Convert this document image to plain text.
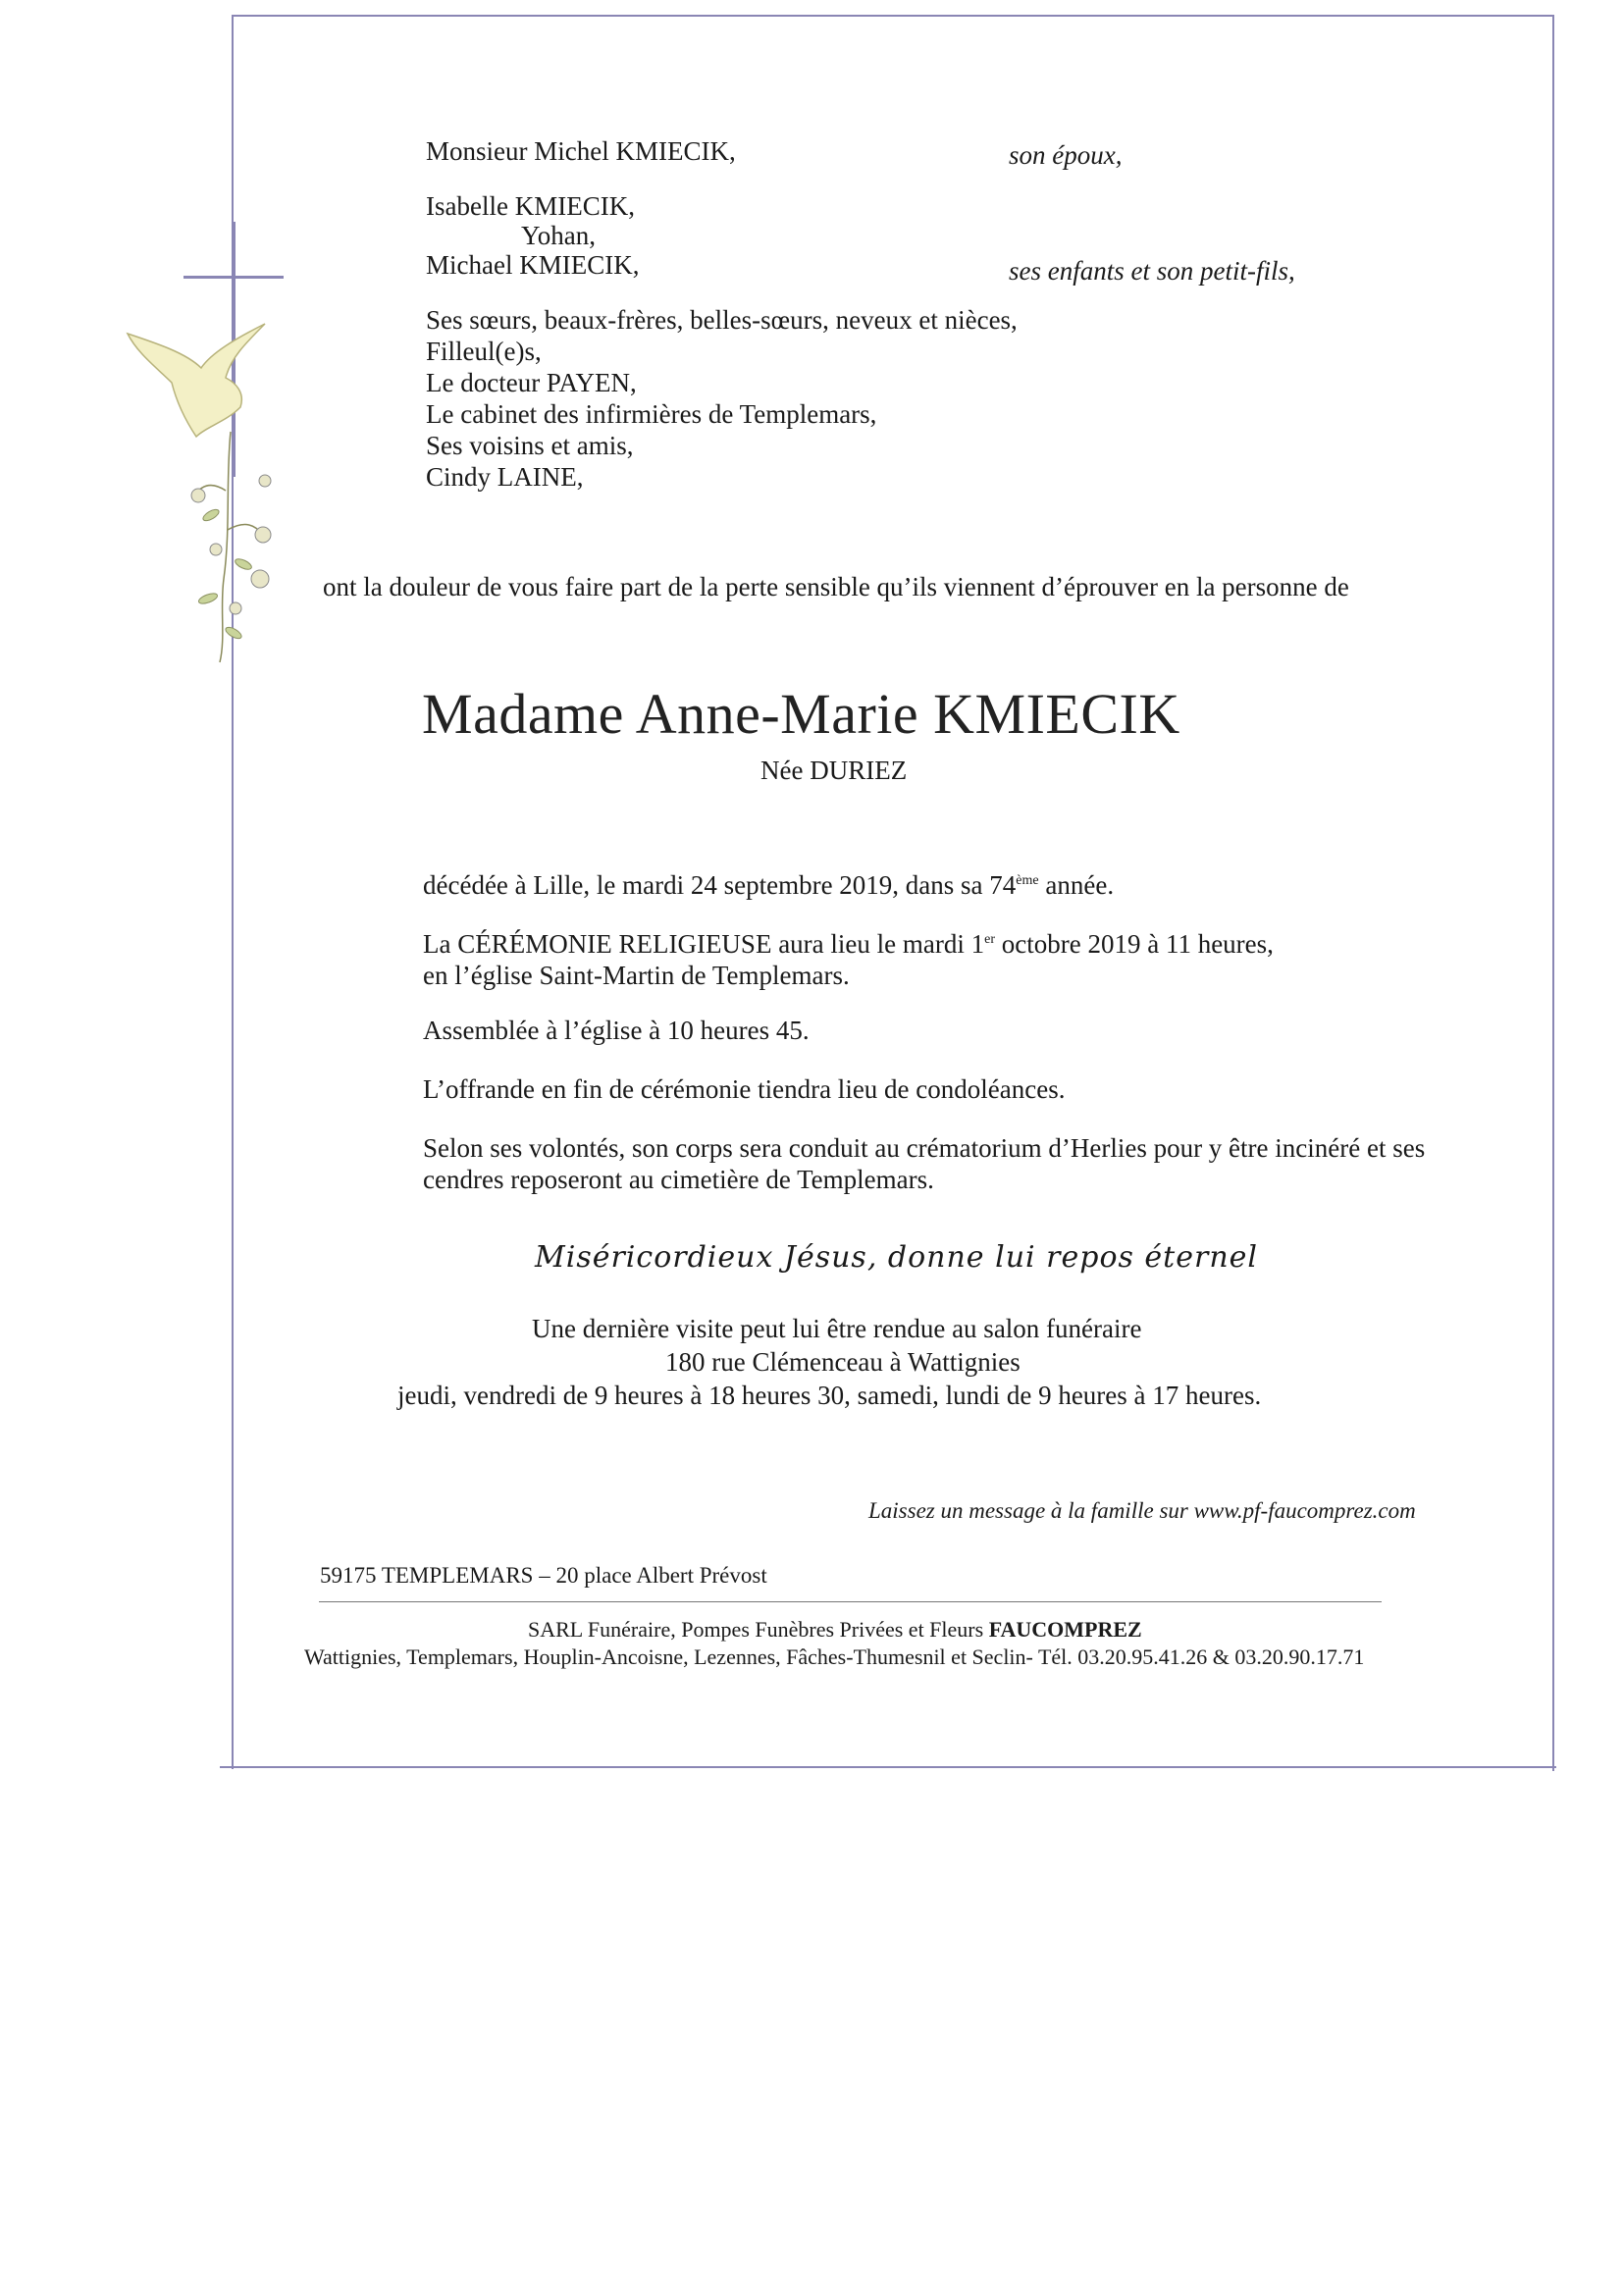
Monsieur Michel KMIECIK,	son époux,
Isabelle KMIECIK,
Yohan,
Michael KMIECIK,	ses enfants et son petit-fils,
Ses sœurs, beaux-frères, belles-sœurs, neveux et nièces,
Filleul(e)s,
Le docteur PAYEN,
Le cabinet des infirmières de Templemars,
Ses voisins et amis,
Cindy LAINE,
ont la douleur de vous faire part de la perte sensible qu’ils viennent d’éprouver en la personne de
Madame Anne-Marie KMIECIK
Née DURIEZ
décédée à Lille, le mardi 24 septembre 2019, dans sa 74ème année.
La CÉRÉMONIE RELIGIEUSE aura lieu le mardi 1er octobre 2019 à 11 heures,
en l’église Saint-Martin de Templemars.
Assemblée à l’église à 10 heures 45.
L’offrande en fin de cérémonie tiendra lieu de condoléances.
Selon ses volontés, son corps sera conduit au crématorium d’Herlies pour y être incinéré et ses
cendres reposeront au cimetière de Templemars.
Miséricordieux Jésus, donne lui repos éternel
Une dernière visite peut lui être rendue au salon funéraire
180 rue Clémenceau à Wattignies
jeudi, vendredi de 9 heures à 18 heures 30, samedi, lundi de 9 heures à 17 heures.
Laissez un message à la famille sur www.pf-faucomprez.com
59175 TEMPLEMARS – 20 place Albert Prévost
SARL Funéraire, Pompes Funèbres Privées et Fleurs FAUCOMPREZ
Wattignies, Templemars, Houplin-Ancoisne, Lezennes, Fâches-Thumesnil et Seclin- Tél. 03.20.95.41.26 & 03.20.90.17.71
